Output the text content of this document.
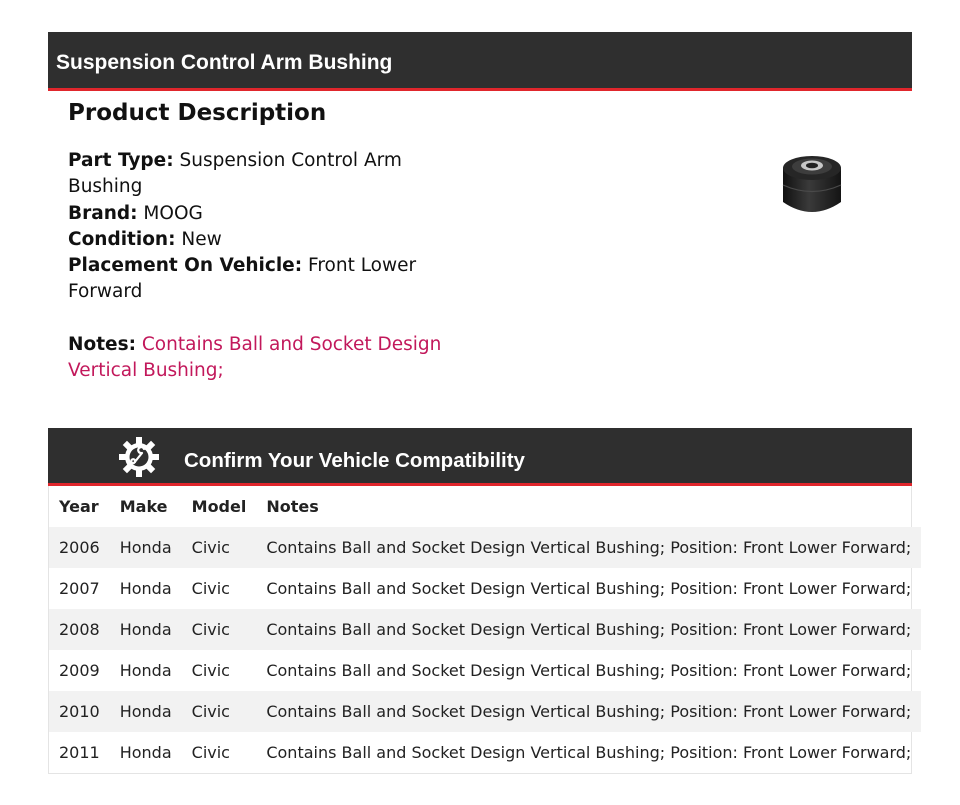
Suspension Control Arm Bushing
Product Description

Part Type: Suspension Control Arm Bushing

Brand: MOOG

Condition: New

Placement On Vehicle: Front Lower Forward

Notes: Contains Ball and Socket Design Vertical Bushing;

Confirm Your Vehicle Compatibility
Year	Make	Model	Notes
2006	Honda	Civic	Contains Ball and Socket Design Vertical Bushing; Position: Front Lower Forward;
2007	Honda	Civic	Contains Ball and Socket Design Vertical Bushing; Position: Front Lower Forward;
2008	Honda	Civic	Contains Ball and Socket Design Vertical Bushing; Position: Front Lower Forward;
2009	Honda	Civic	Contains Ball and Socket Design Vertical Bushing; Position: Front Lower Forward;
2010	Honda	Civic	Contains Ball and Socket Design Vertical Bushing; Position: Front Lower Forward;
2011	Honda	Civic	Contains Ball and Socket Design Vertical Bushing; Position: Front Lower Forward;
